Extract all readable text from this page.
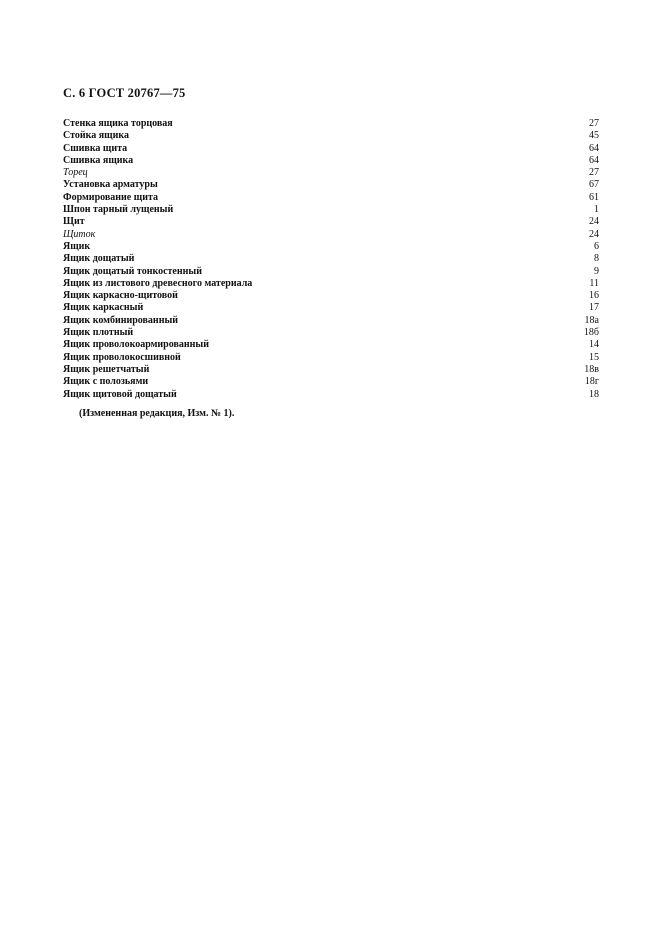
С. 6 ГОСТ 20767—75
Стенка ящика торцовая	27
Стойка ящика	45
Сшивка щита	64
Сшивка ящика	64
Торец	27
Установка арматуры	67
Формирование щита	61
Шпон тарный лущеный	1
Щит	24
Щиток	24
Ящик	6
Ящик дощатый	8
Ящик дощатый тонкостенный	9
Ящик из листового древесного материала	11
Ящик каркасно-щитовой	16
Ящик каркасный	17
Ящик комбинированный	18а
Ящик плотный	18б
Ящик проволокоармированный	14
Ящик проволокосшивной	15
Ящик решетчатый	18в
Ящик с полозьями	18г
Ящик щитовой дощатый	18
(Измененная редакция, Изм. № 1).
